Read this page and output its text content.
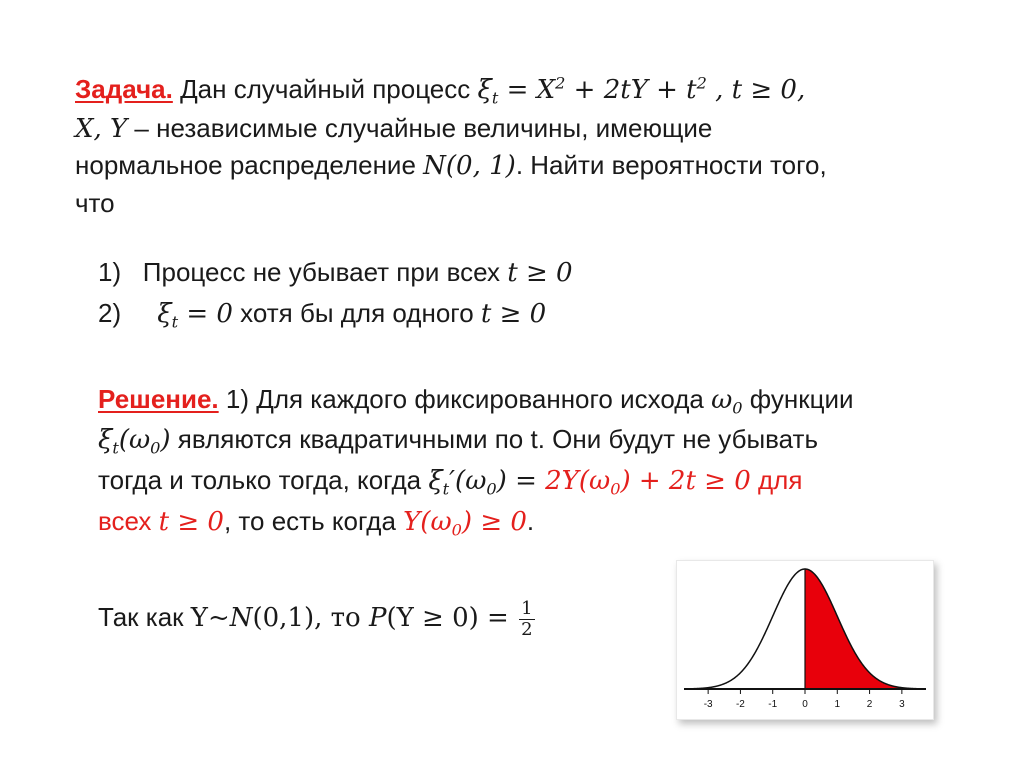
Задача. Дан случайный процесс $\xi_t = X^2 + 2tY + t^2$ , t ≥ 0,
X, Y – независимые случайные величины, имеющие
нормальное распределение N(0, 1). Найти вероятности того,
что
1) Процесс не убывает при всех t ≥ 0
2) $\xi_t = 0$ хотя бы для одного t ≥ 0
Решение. 1) Для каждого фиксированного исхода $\omega_0$ функции
$\xi_t(\omega_0)$ являются квадратичными по t. Они будут не убывать
тогда и только тогда, когда $\xi_t'(\omega_0) = 2Y(\omega_0) + 2t \ge 0$ для
всех t ≥ 0, то есть когда $Y(\omega_0) \ge 0$.
Так как Y~N(0,1), то $P(Y \ge 0) = \frac{1}{2}$
-3 -2 -1	0	1	2	3
